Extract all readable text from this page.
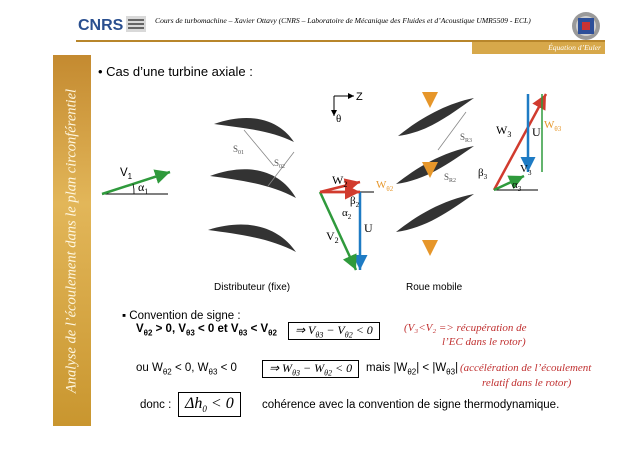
CNRS	Cours de turbomachine – Xavier Ottavy (CNRS – Laboratoire de Mécanique des Fluides et d’Acoustique UMR5509 - ECL)
Équation d’Euler
Analyse de l’écoulement dans le plan circonférentiel
• Cas d’une turbine axiale :
$V_1$
$\alpha_1$
$S_{01}$
$S_{02}$
Z
θ
$W_2$
$\beta_2$
$\alpha_2$
$V_2$
U
$W_{\theta 2}$
$S_{R3}$
$S_{R2}$
$W_3$
$\beta_3$
$V_3$
$\alpha_3$
U $W_{\theta 3}$
Distributeur (fixe)	Roue mobile
▪ Convention de signe :
$V_{\theta 2} > 0$, $V_{\theta 3} < 0$ et $V_{\theta 3} < V_{\theta 2}$	⇒ $V_{\theta 3} - V_{\theta 2} < 0$	(V₃<V₂ => récupération de
l’EC dans le rotor)
ou $W_{\theta 2} < 0$, $W_{\theta 3} < 0$	⇒ $W_{\theta 3} - W_{\theta 2} < 0$	mais $|W_{\theta 2}| < |W_{\theta 3}|$ (accélération de l’écoulement
relatif dans le rotor)
donc : $\Delta h_0 < 0$	cohérence avec la convention de signe thermodynamique.
